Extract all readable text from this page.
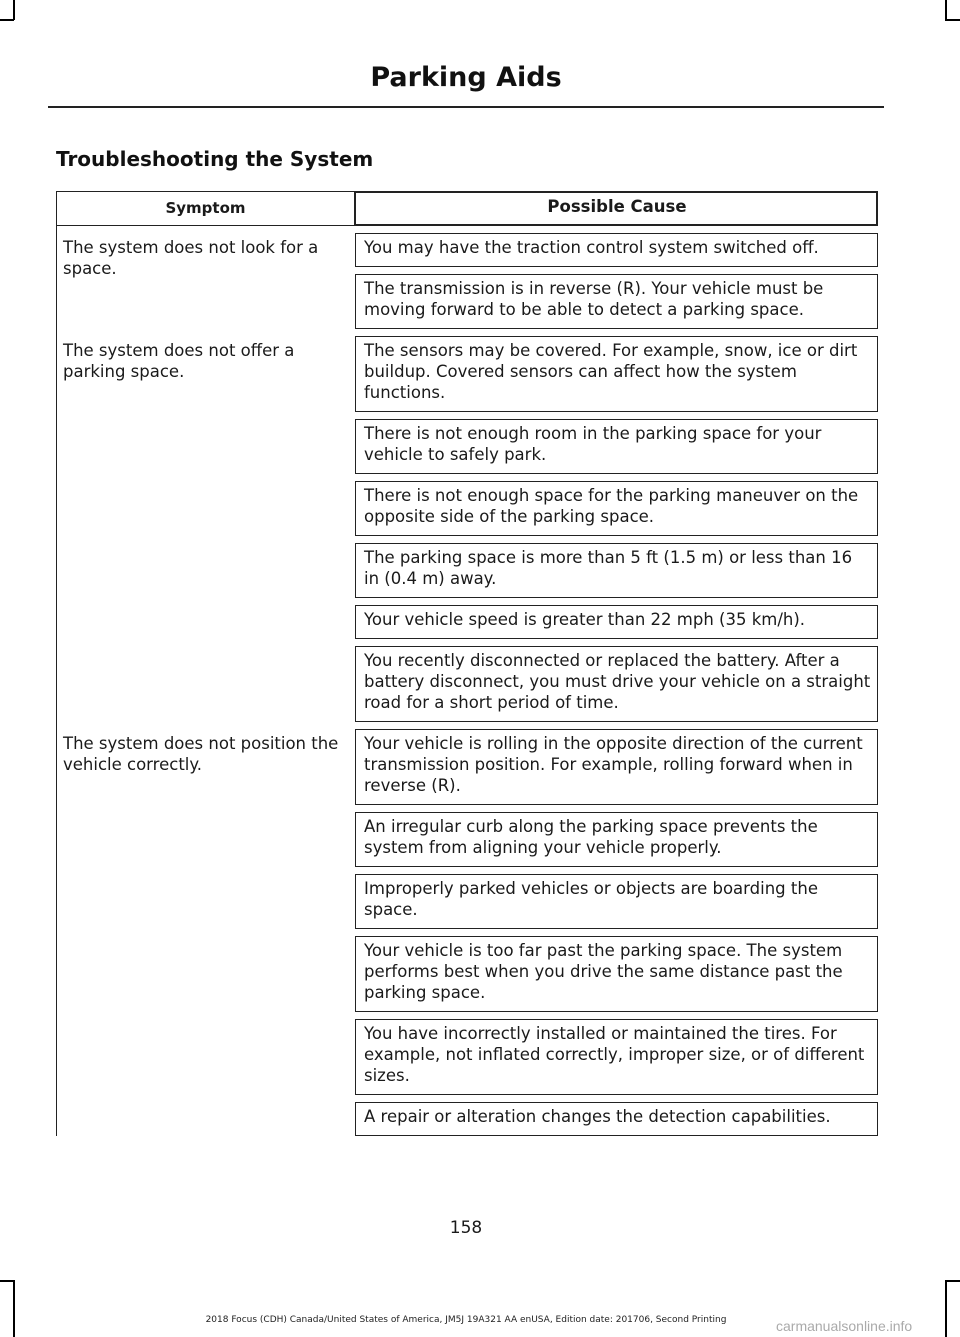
Parking Aids
Troubleshooting the System
Symptom	Possible Cause
The system does not look for a space.
You may have the traction control system switched off.
The transmission is in reverse (R). Your vehicle must be moving forward to be able to detect a parking space.
The system does not offer a parking space.
The sensors may be covered. For example, snow, ice or dirt buildup. Covered sensors can affect how the system functions.
There is not enough room in the parking space for your vehicle to safely park.
There is not enough space for the parking maneuver on the opposite side of the parking space.
The parking space is more than 5 ft (1.5 m) or less than 16 in (0.4 m) away.
Your vehicle speed is greater than 22 mph (35 km/h).
You recently disconnected or replaced the battery. After a battery disconnect, you must drive your vehicle on a straight road for a short period of time.
The system does not position the vehicle correctly.
Your vehicle is rolling in the opposite direction of the current transmission position. For example, rolling forward when in reverse (R).
An irregular curb along the parking space prevents the system from aligning your vehicle properly.
Improperly parked vehicles or objects are boarding the space.
Your vehicle is too far past the parking space. The system performs best when you drive the same distance past the parking space.
You have incorrectly installed or maintained the tires. For example, not inflated correctly, improper size, or of different sizes.
A repair or alteration changes the detection capabilities.
158
2018 Focus (CDH) Canada/United States of America, JM5J 19A321 AA enUSA, Edition date: 201706, Second Printing	carmanualsonline.info
